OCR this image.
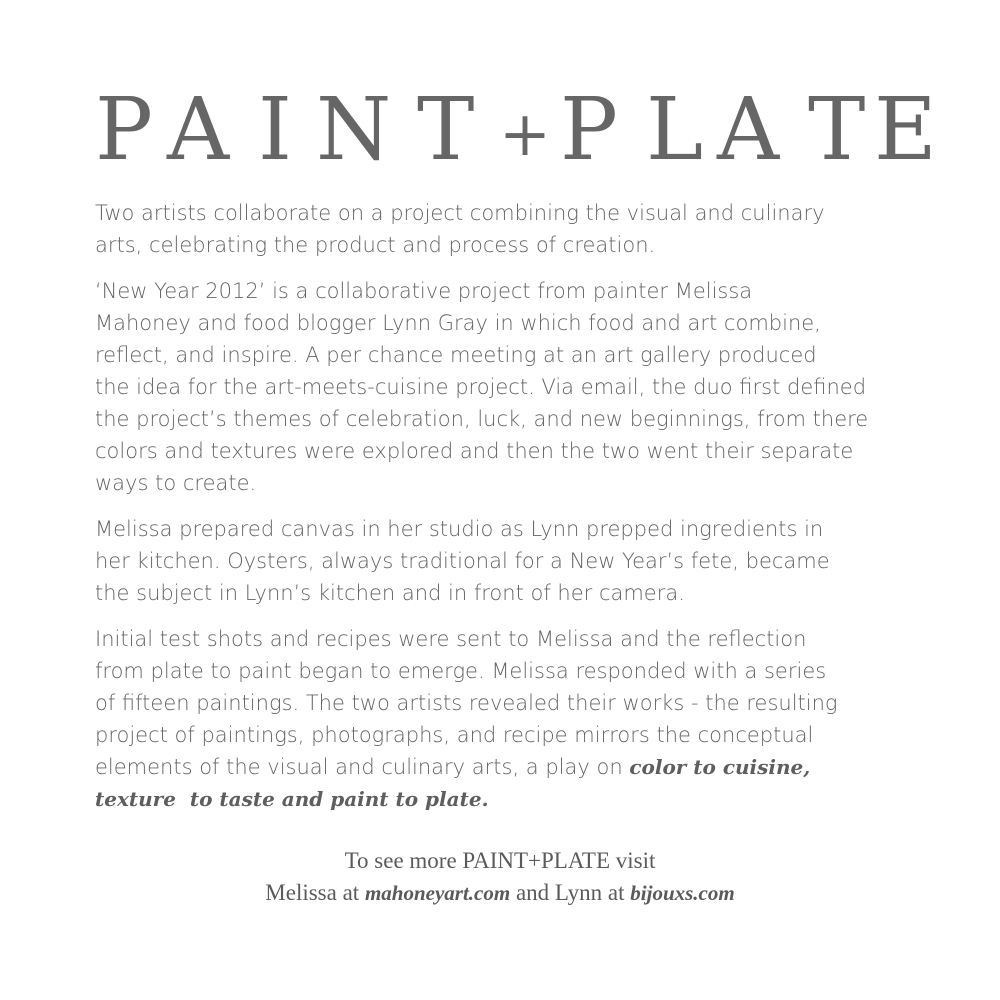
P A I N T + P L A T E

Two artists collaborate on a project combining the visual and culinary
arts, celebrating the product and process of creation.

‘New Year 2012’ is a collaborative project from painter Melissa
Mahoney and food blogger Lynn Gray in which food and art combine,
reflect, and inspire. A per chance meeting at an art gallery produced
the idea for the art-meets-cuisine project. Via email, the duo first defined
the project’s themes of celebration, luck, and new beginnings, from there
colors and textures were explored and then the two went their separate
ways to create.

Melissa prepared canvas in her studio as Lynn prepped ingredients in
her kitchen. Oysters, always traditional for a New Year’s fete, became
the subject in Lynn’s kitchen and in front of her camera.

Initial test shots and recipes were sent to Melissa and the reflection
from plate to paint began to emerge. Melissa responded with a series
of fifteen paintings. The two artists revealed their works - the resulting
project of paintings, photographs, and recipe mirrors the conceptual
elements of the visual and culinary arts, a play on color to cuisine,
texture  to taste and paint to plate.

To see more PAINT+PLATE visit
Melissa at mahoneyart.com and Lynn at bijouxs.com
